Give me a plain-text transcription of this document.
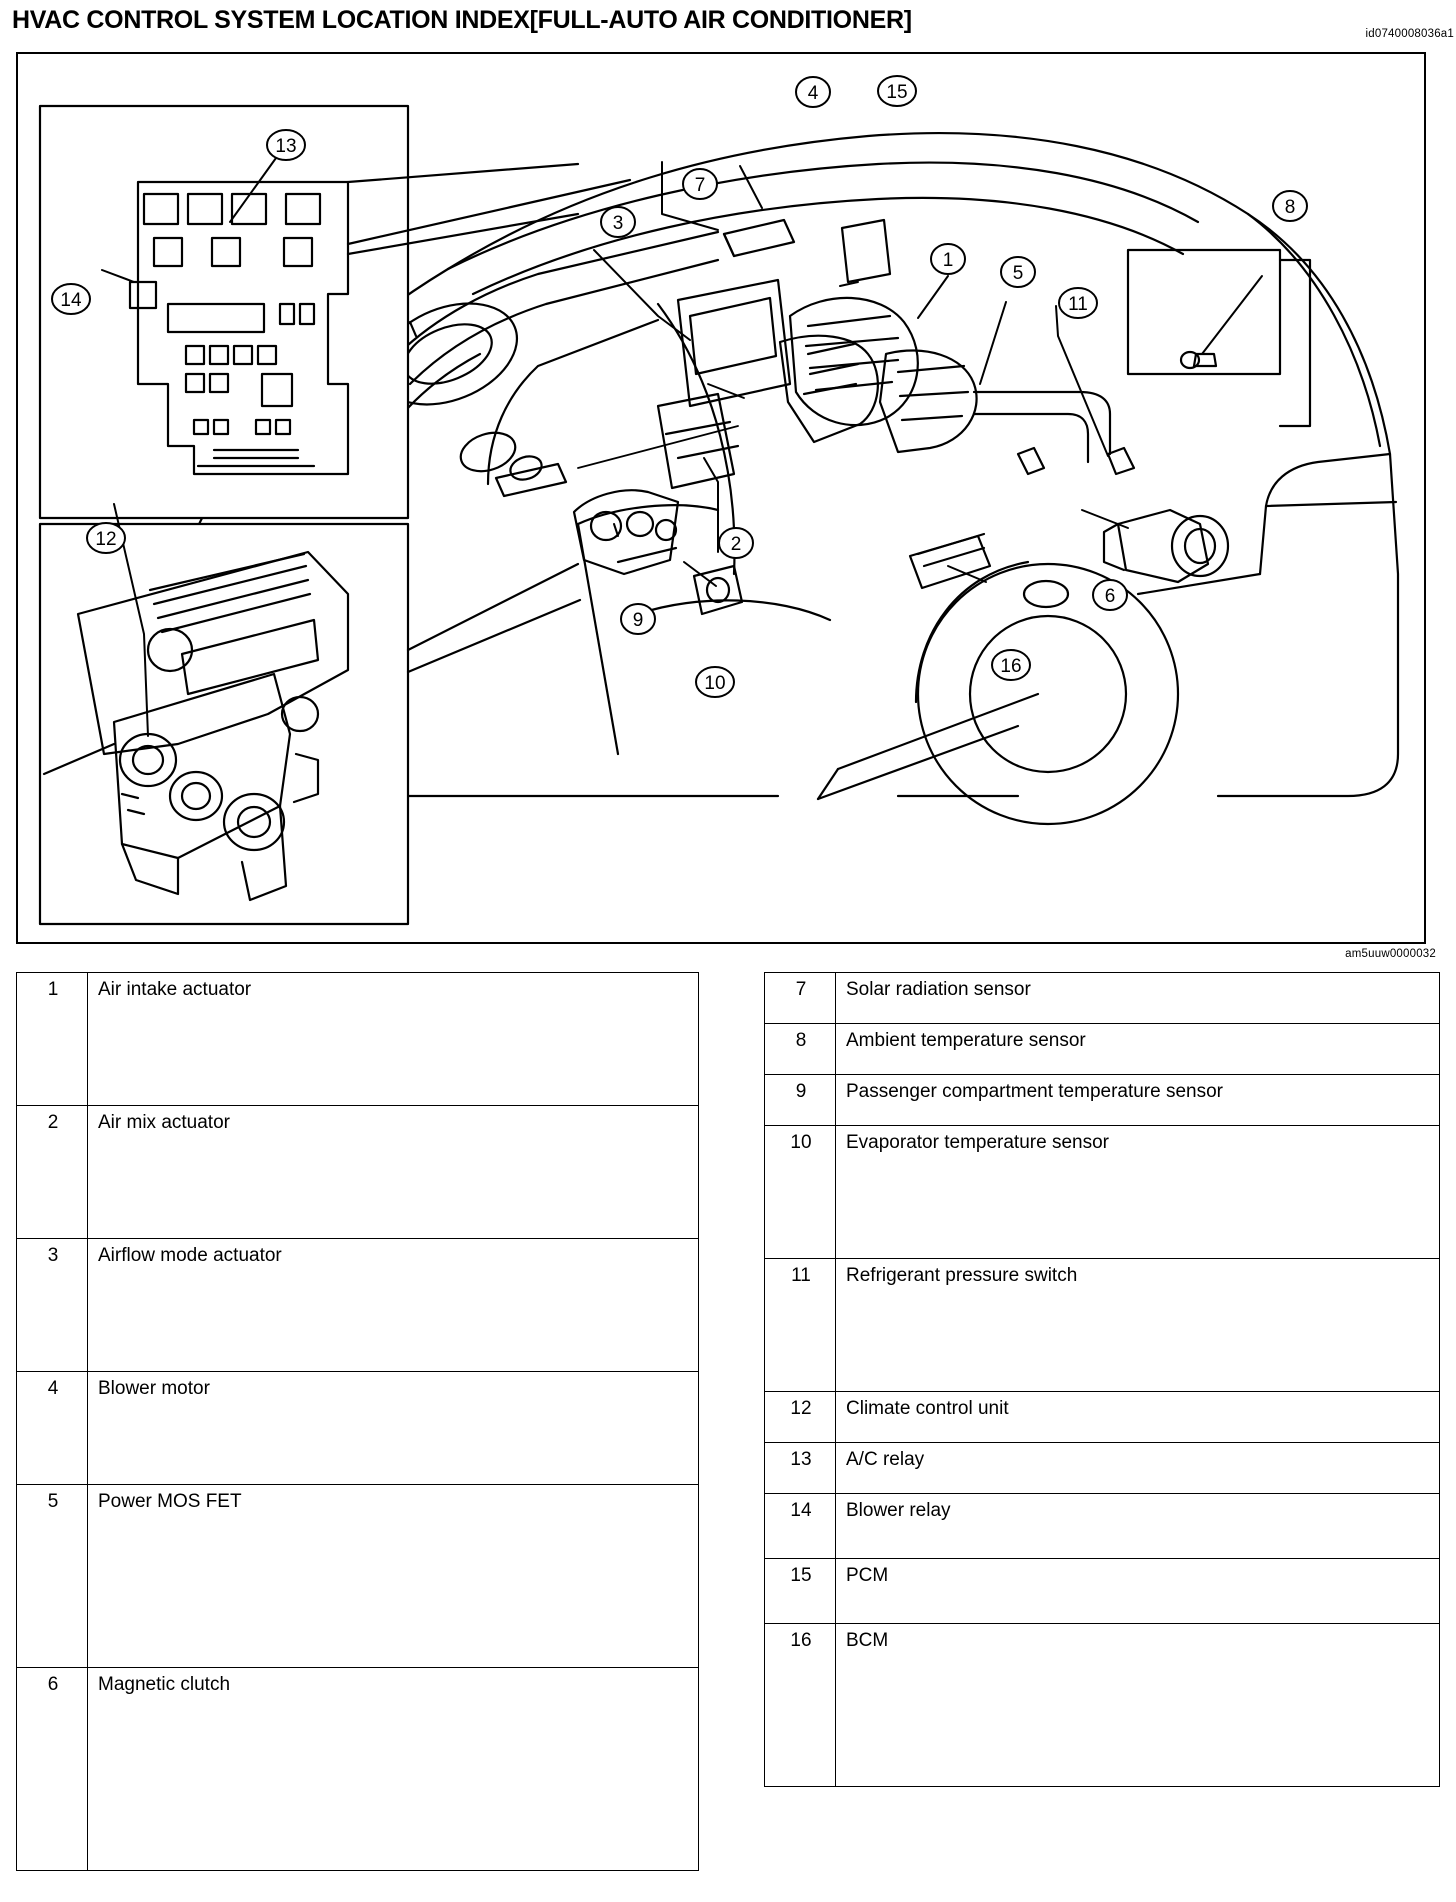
HVAC CONTROL SYSTEM LOCATION INDEX[FULL-AUTO AIR CONDITIONER]	id0740008036a1
1
2
3
4
5
6
7
8
9
10
11
12
13
14
15
16
am5uuw0000032
1	Air intake actuator
2	Air mix actuator
3	Airflow mode actuator
4	Blower motor
5	Power MOS FET
6	Magnetic clutch
7	Solar radiation sensor
8	Ambient temperature sensor
9	Passenger compartment temperature sensor
10	Evaporator temperature sensor
11	Refrigerant pressure switch
12	Climate control unit
13	A/C relay
14	Blower relay
15	PCM
16	BCM
